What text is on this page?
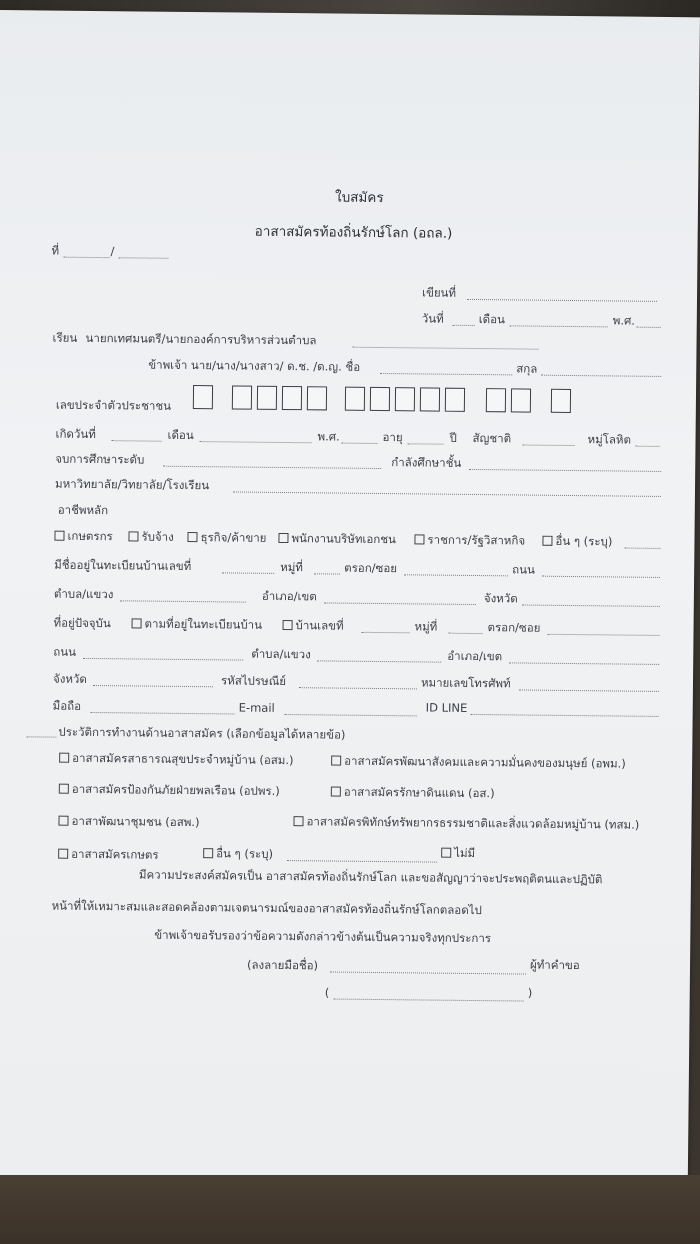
ใบสมัคร
อาสาสมัครท้องถิ่นรักษ์โลก (อถล.)
ที่	/
เขียนที่
วันที่	เดือน	พ.ศ.
เรียน นายกเทศมนตรี/นายกองค์การบริหารส่วนตำบล
ข้าพเจ้า นาย/นาง/นางสาว/ ด.ช. /ด.ญ. ชื่อ	สกุล
เลขประจำตัวประชาชน
เกิดวันที่	เดือน	พ.ศ.	อายุ	ปี สัญชาติ	หมู่โลหิต
จบการศึกษาระดับ	กำลังศึกษาชั้น
มหาวิทยาลัย/วิทยาลัย/โรงเรียน
อาชีพหลัก
เกษตรกร	รับจ้าง	ธุรกิจ/ค้าขาย	พนักงานบริษัทเอกชน	ราชการ/รัฐวิสาหกิจ	อื่น ๆ (ระบุ)
มีชื่ออยู่ในทะเบียนบ้านเลขที่	หมู่ที่	ตรอก/ซอย	ถนน
ตำบล/แขวง	อำเภอ/เขต	จังหวัด
ที่อยู่ปัจจุบัน	ตามที่อยู่ในทะเบียนบ้าน	บ้านเลขที่	หมู่ที่	ตรอก/ซอย
ถนน	ตำบล/แขวง	อำเภอ/เขต
จังหวัด	รหัสไปรษณีย์	หมายเลขโทรศัพท์
มือถือ	E-mail	ID LINE
ประวัติการทำงานด้านอาสาสมัคร (เลือกข้อมูลได้หลายข้อ)
อาสาสมัครสาธารณสุขประจำหมู่บ้าน (อสม.)	อาสาสมัครพัฒนาสังคมและความมั่นคงของมนุษย์ (อพม.)
อาสาสมัครป้องกันภัยฝ่ายพลเรือน (อปพร.)	อาสาสมัครรักษาดินแดน (อส.)
อาสาพัฒนาชุมชน (อสพ.)	อาสาสมัครพิทักษ์ทรัพยากรธรรมชาติและสิ่งแวดล้อมหมู่บ้าน (ทสม.)
อาสาสมัครเกษตร	อื่น ๆ (ระบุ)	ไม่มี
มีความประสงค์สมัครเป็น อาสาสมัครท้องถิ่นรักษ์โลก และขอสัญญาว่าจะประพฤติตนและปฏิบัติ
หน้าที่ให้เหมาะสมและสอดคล้องตามเจตนารมณ์ของอาสาสมัครท้องถิ่นรักษ์โลกตลอดไป
ข้าพเจ้าขอรับรองว่าข้อความดังกล่าวข้างต้นเป็นความจริงทุกประการ
(ลงลายมือชื่อ)	ผู้ทำคำขอ
(	)
